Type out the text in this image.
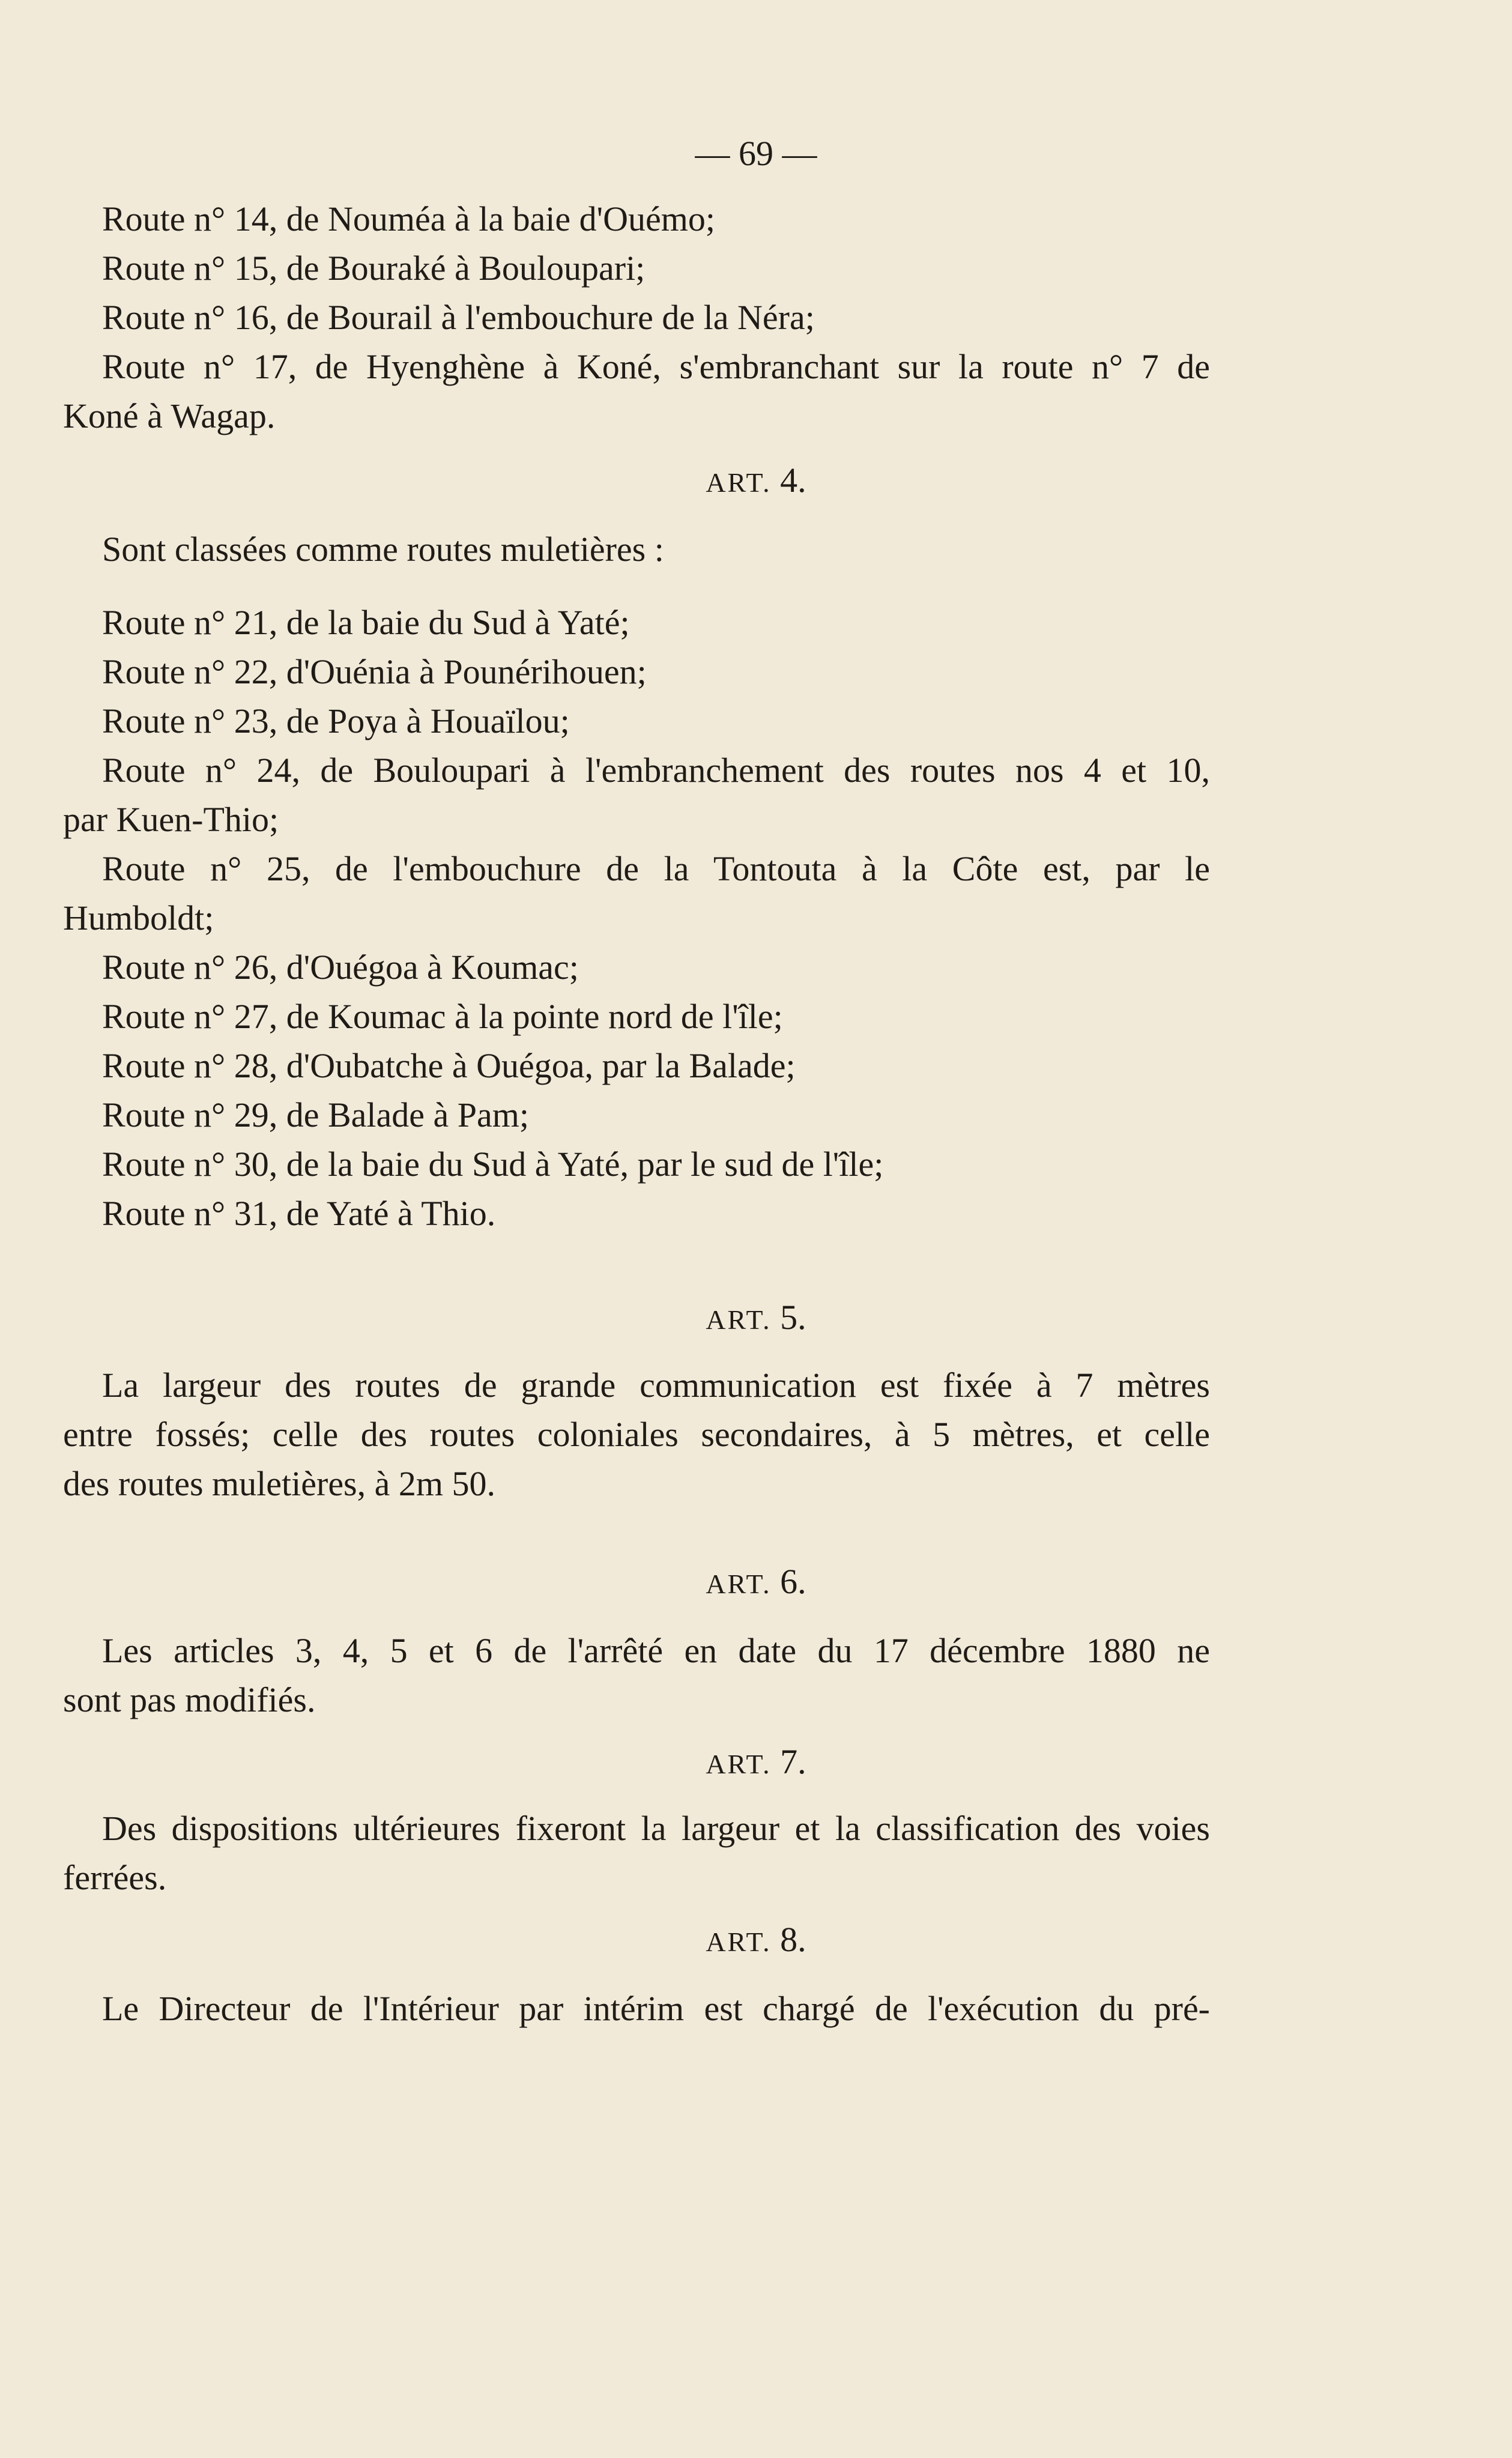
— 69 —
Route n° 14, de Nouméa à la baie d'Ouémo;
Route n° 15, de Bouraké à Bouloupari;
Route n° 16, de Bourail à l'embouchure de la Néra;
Route n° 17, de Hyenghène à Koné, s'embranchant sur la route n° 7 de
Koné à Wagap.
ART. 4.
Sont classées comme routes muletières :
Route n° 21, de la baie du Sud à Yaté;
Route n° 22, d'Ouénia à Pounérihouen;
Route n° 23, de Poya à Houaïlou;
Route n° 24, de Bouloupari à l'embranchement des routes nos 4 et 10,
par Kuen-Thio;
Route n° 25, de l'embouchure de la Tontouta à la Côte est, par le
Humboldt;
Route n° 26, d'Ouégoa à Koumac;
Route n° 27, de Koumac à la pointe nord de l'île;
Route n° 28, d'Oubatche à Ouégoa, par la Balade;
Route n° 29, de Balade à Pam;
Route n° 30, de la baie du Sud à Yaté, par le sud de l'île;
Route n° 31, de Yaté à Thio.
ART. 5.
La largeur des routes de grande communication est fixée à 7 mètres
entre fossés; celle des routes coloniales secondaires, à 5 mètres, et celle
des routes muletières, à 2m 50.
ART. 6.
Les articles 3, 4, 5 et 6 de l'arrêté en date du 17 décembre 1880 ne
sont pas modifiés.
ART. 7.
Des dispositions ultérieures fixeront la largeur et la classification des voies
ferrées.
ART. 8.
Le Directeur de l'Intérieur par intérim est chargé de l'exécution du pré-
